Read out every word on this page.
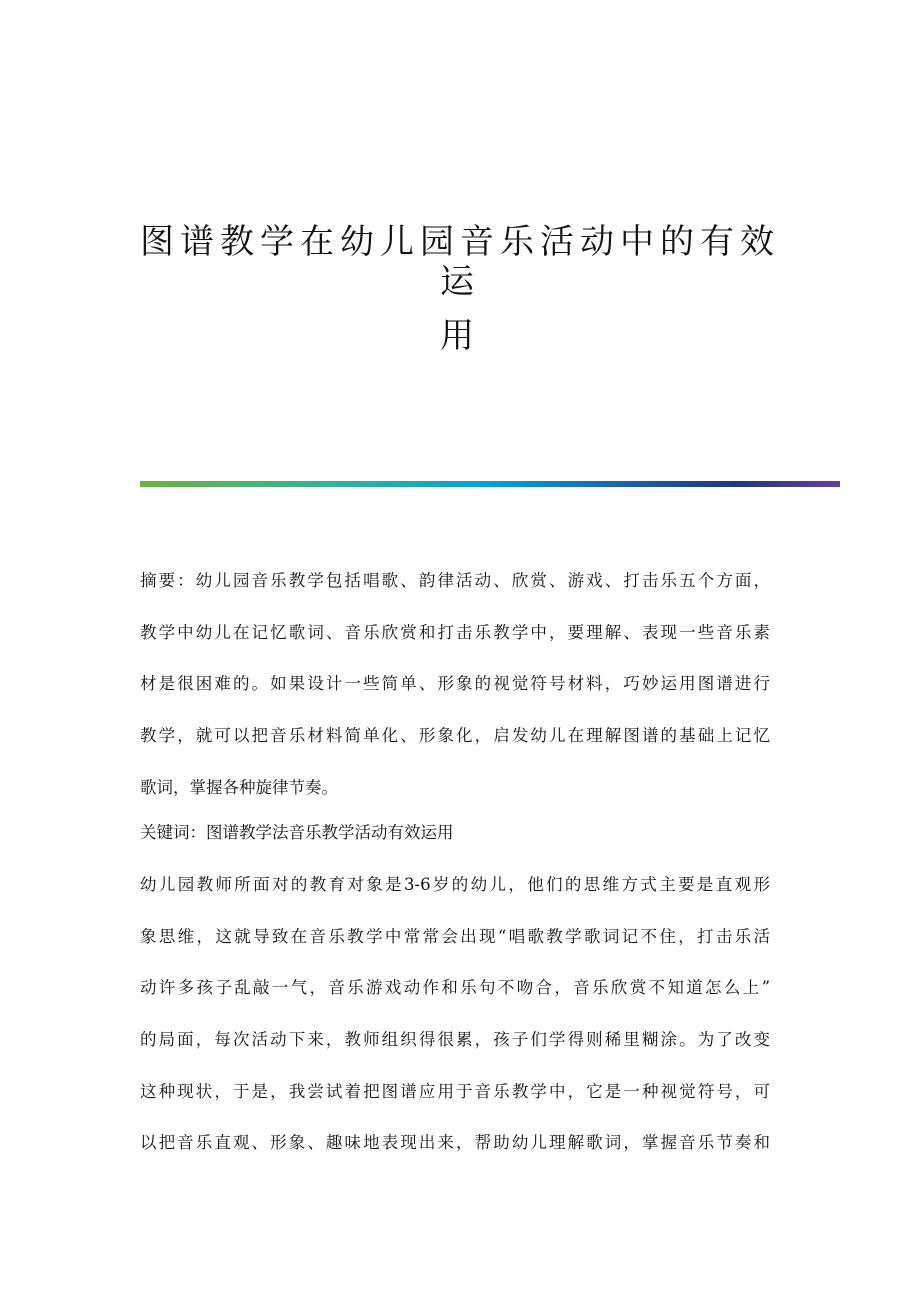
图谱教学在幼儿园音乐活动中的有效运
用
摘要：幼儿园音乐教学包括唱歌、韵律活动、欣赏、游戏、打击乐五个方面，
教学中幼儿在记忆歌词、音乐欣赏和打击乐教学中，要理解、表现一些音乐素
材是很困难的。如果设计一些简单、形象的视觉符号材料，巧妙运用图谱进行
教学，就可以把音乐材料简单化、形象化，启发幼儿在理解图谱的基础上记忆
歌词，掌握各种旋律节奏。
关键词：图谱教学法音乐教学活动有效运用
幼儿园教师所面对的教育对象是3-6岁的幼儿，他们的思维方式主要是直观形
象思维，这就导致在音乐教学中常常会出现“唱歌教学歌词记不住，打击乐活
动许多孩子乱敲一气，音乐游戏动作和乐句不吻合，音乐欣赏不知道怎么上”
的局面，每次活动下来，教师组织得很累，孩子们学得则稀里糊涂。为了改变
这种现状，于是，我尝试着把图谱应用于音乐教学中，它是一种视觉符号，可
以把音乐直观、形象、趣味地表现出来，帮助幼儿理解歌词，掌握音乐节奏和
